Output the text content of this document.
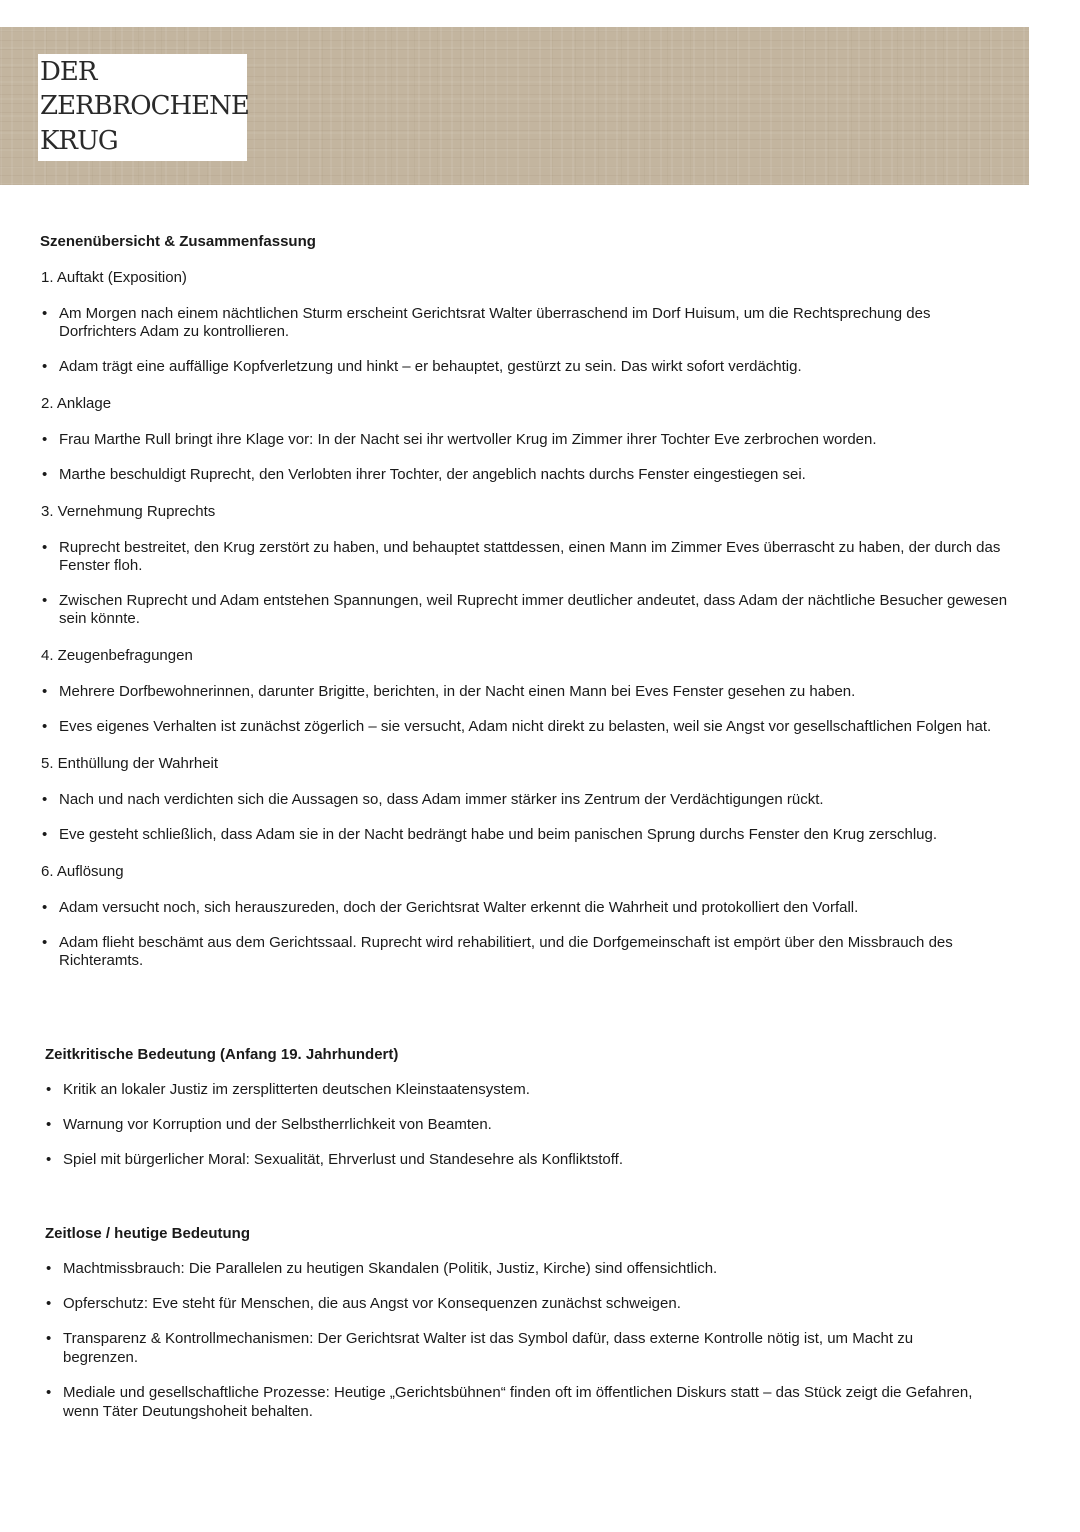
DER
ZERBROCHENE
KRUG
Szenenübersicht & Zusammenfassung
1. Auftakt (Exposition)
• Am Morgen nach einem nächtlichen Sturm erscheint Gerichtsrat Walter überraschend im Dorf Huisum, um die Rechtsprechung des
Dorfrichters Adam zu kontrollieren.
• Adam trägt eine auffällige Kopfverletzung und hinkt – er behauptet, gestürzt zu sein. Das wirkt sofort verdächtig.
2. Anklage
• Frau Marthe Rull bringt ihre Klage vor: In der Nacht sei ihr wertvoller Krug im Zimmer ihrer Tochter Eve zerbrochen worden.
• Marthe beschuldigt Ruprecht, den Verlobten ihrer Tochter, der angeblich nachts durchs Fenster eingestiegen sei.
3. Vernehmung Ruprechts
• Ruprecht bestreitet, den Krug zerstört zu haben, und behauptet stattdessen, einen Mann im Zimmer Eves überrascht zu haben, der durch das
Fenster floh.
• Zwischen Ruprecht und Adam entstehen Spannungen, weil Ruprecht immer deutlicher andeutet, dass Adam der nächtliche Besucher gewesen
sein könnte.
4. Zeugenbefragungen
• Mehrere Dorfbewohnerinnen, darunter Brigitte, berichten, in der Nacht einen Mann bei Eves Fenster gesehen zu haben.
• Eves eigenes Verhalten ist zunächst zögerlich – sie versucht, Adam nicht direkt zu belasten, weil sie Angst vor gesellschaftlichen Folgen hat.
5. Enthüllung der Wahrheit
• Nach und nach verdichten sich die Aussagen so, dass Adam immer stärker ins Zentrum der Verdächtigungen rückt.
• Eve gesteht schließlich, dass Adam sie in der Nacht bedrängt habe und beim panischen Sprung durchs Fenster den Krug zerschlug.
6. Auflösung
• Adam versucht noch, sich herauszureden, doch der Gerichtsrat Walter erkennt die Wahrheit und protokolliert den Vorfall.
• Adam flieht beschämt aus dem Gerichtssaal. Ruprecht wird rehabilitiert, und die Dorfgemeinschaft ist empört über den Missbrauch des
Richteramts.
Zeitkritische Bedeutung (Anfang 19. Jahrhundert)
• Kritik an lokaler Justiz im zersplitterten deutschen Kleinstaatensystem.
• Warnung vor Korruption und der Selbstherrlichkeit von Beamten.
• Spiel mit bürgerlicher Moral: Sexualität, Ehrverlust und Standesehre als Konfliktstoff.
Zeitlose / heutige Bedeutung
• Machtmissbrauch: Die Parallelen zu heutigen Skandalen (Politik, Justiz, Kirche) sind offensichtlich.
• Opferschutz: Eve steht für Menschen, die aus Angst vor Konsequenzen zunächst schweigen.
• Transparenz & Kontrollmechanismen: Der Gerichtsrat Walter ist das Symbol dafür, dass externe Kontrolle nötig ist, um Macht zu
begrenzen.
• Mediale und gesellschaftliche Prozesse: Heutige „Gerichtsbühnen“ finden oft im öffentlichen Diskurs statt – das Stück zeigt die Gefahren,
wenn Täter Deutungshoheit behalten.
